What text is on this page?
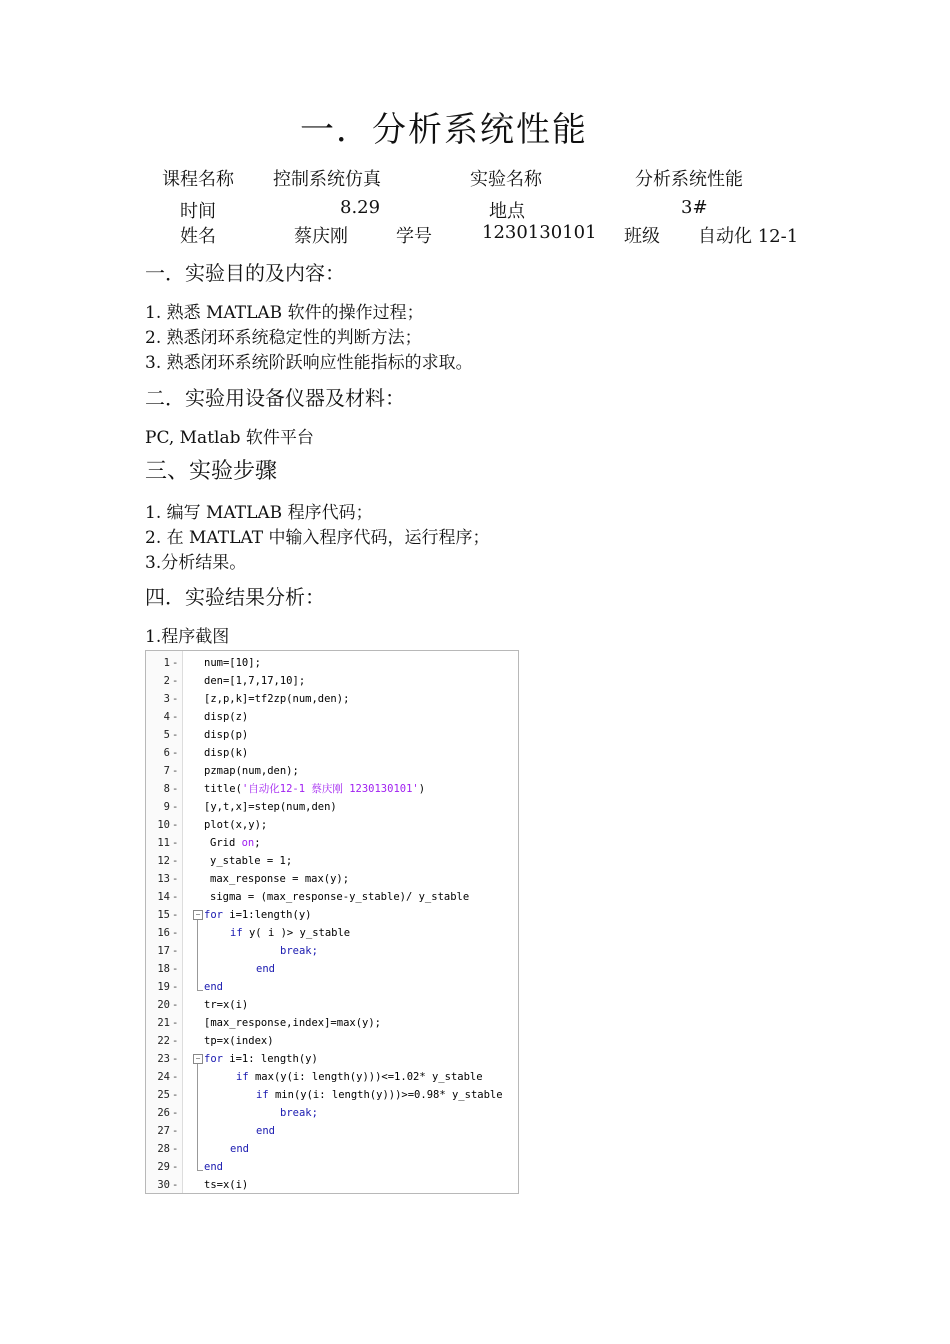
一．分析系统性能
课程名称 控制系统仿真	实验名称	分析系统性能
时间	8.29	地点	3#
姓名	蔡庆刚	学号	1230130101 班级 自动化 12-1
一．实验目的及内容：
1. 熟悉 MATLAB 软件的操作过程；
2. 熟悉闭环系统稳定性的判断方法；
3. 熟悉闭环系统阶跃响应性能指标的求取。
二．实验用设备仪器及材料：
PC, Matlab 软件平台
三、实验步骤
1. 编写 MATLAB 程序代码；
2. 在 MATLAT 中输入程序代码，运行程序；
3.分析结果。
四．实验结果分析：
1.程序截图
1 - num=[10];
2 - den=[1,7,17,10];
3 - [z,p,k]=tf2zp(num,den);
4 - disp(z)
5 - disp(p)
6 - disp(k)
7 - pzmap(num,den);
8 - title('自动化12-1 蔡庆刚 1230130101')
9 - [y,t,x]=step(num,den)
10 - plot(x,y);
11 -	Grid on;
12 -	y_stable = 1;
13 -	max_response = max(y);
14 -	sigma = (max_response-y_stable)/ y_stable
15 -	− for i=1:length(y)
16 -	if y( i )> y_stable
17 -	break;
18 -	end
19 - end
20 - tr=x(i)
21 - [max_response,index]=max(y);
22 - tp=x(index)
23 -	− for i=1: length(y)
24 -	if max(y(i: length(y)))<=1.02* y_stable
25 -	if min(y(i: length(y)))>=0.98* y_stable
26 -	break;
27 -	end
28 -	end
29 - end
30 - ts=x(i)
